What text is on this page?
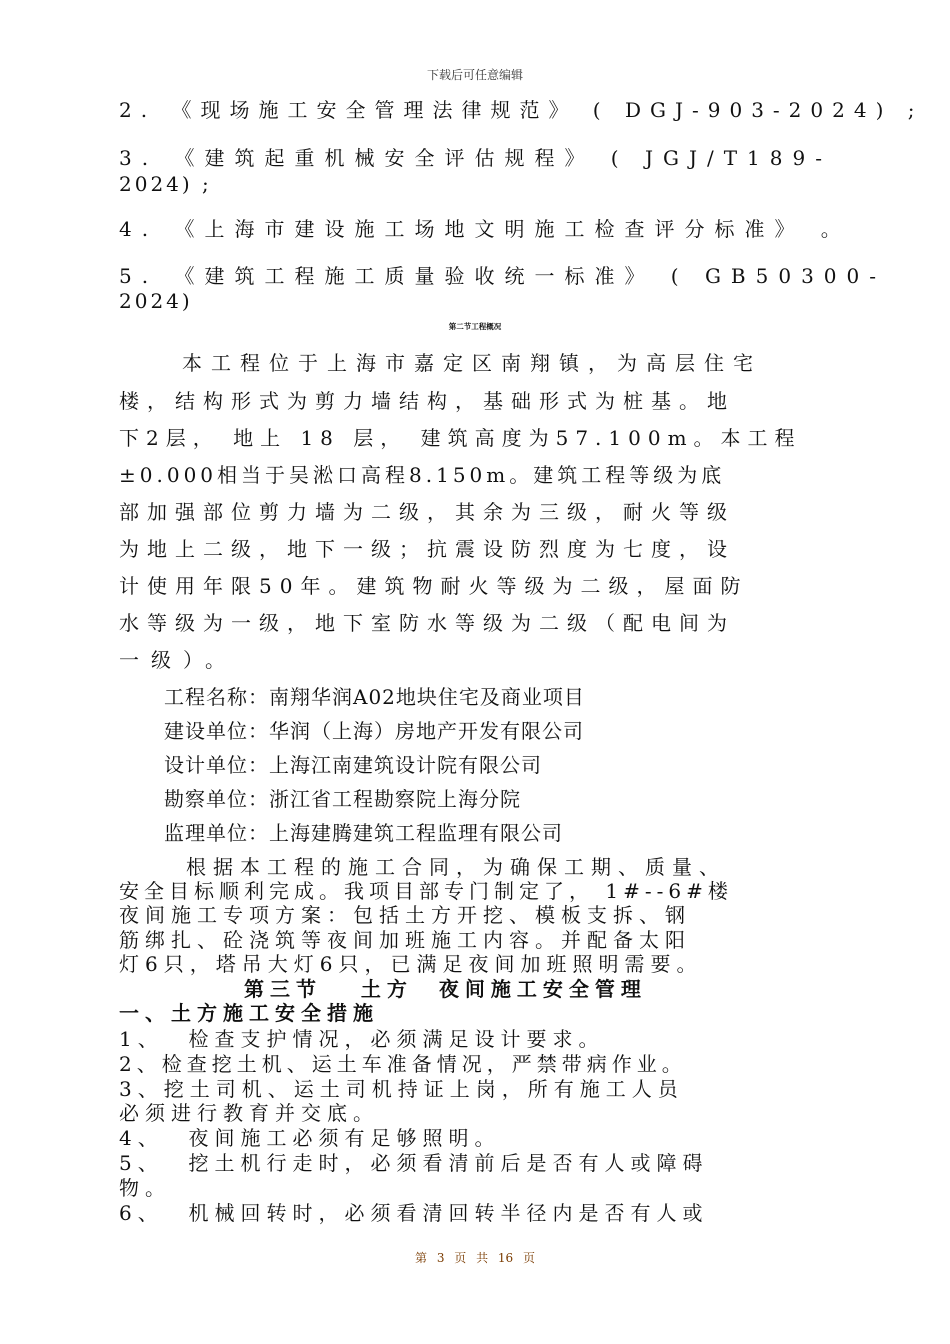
下载后可任意编辑
2. 《现场施工安全管理法律规范》 ( DGJ-903-2024) ;
3. 《建筑起重机械安全评估规程》 ( JGJ/T189-
2024) ;
4. 《上海市建设施工场地文明施工检查评分标准》 。
5. 《建筑工程施工质量验收统一标准》 ( GB50300-
2024)
第二节工程概况
本工程位于上海市嘉定区南翔镇，为高层住宅
楼，结构形式为剪力墙结构，基础形式为桩基。地
下2层， 地上 18 层， 建筑高度为57.100m。本工程
±0.000相当于吴淞口高程8.150m。建筑工程等级为底
部加强部位剪力墙为二级，其余为三级，耐火等级
为地上二级，地下一级；抗震设防烈度为七度，设
计使用年限50年。建筑物耐火等级为二级，屋面防
水等级为一级，地下室防水等级为二级（配电间为
一级）。
工程名称：南翔华润A02地块住宅及商业项目
建设单位：华润（上海）房地产开发有限公司
设计单位：上海江南建筑设计院有限公司
勘察单位：浙江省工程勘察院上海分院
监理单位：上海建腾建筑工程监理有限公司
根据本工程的施工合同，为确保工期、质量、
安全目标顺利完成。我项目部专门制定了， 1#--6#楼
夜间施工专项方案：包括土方开挖、模板支拆、钢
筋绑扎、砼浇筑等夜间加班施工内容。并配备太阳
灯6只，塔吊大灯6只，已满足夜间加班照明需要。
第三节   土方  夜间施工安全管理
一、土方施工安全措施
1、  检查支护情况，必须满足设计要求。
2、检查挖土机、运土车准备情况，严禁带病作业。
3、挖土司机、运土司机持证上岗，所有施工人员
必须进行教育并交底。
4、  夜间施工必须有足够照明。
5、  挖土机行走时，必须看清前后是否有人或障碍
物。
6、  机械回转时，必须看清回转半径内是否有人或
第 3 页 共 16 页
